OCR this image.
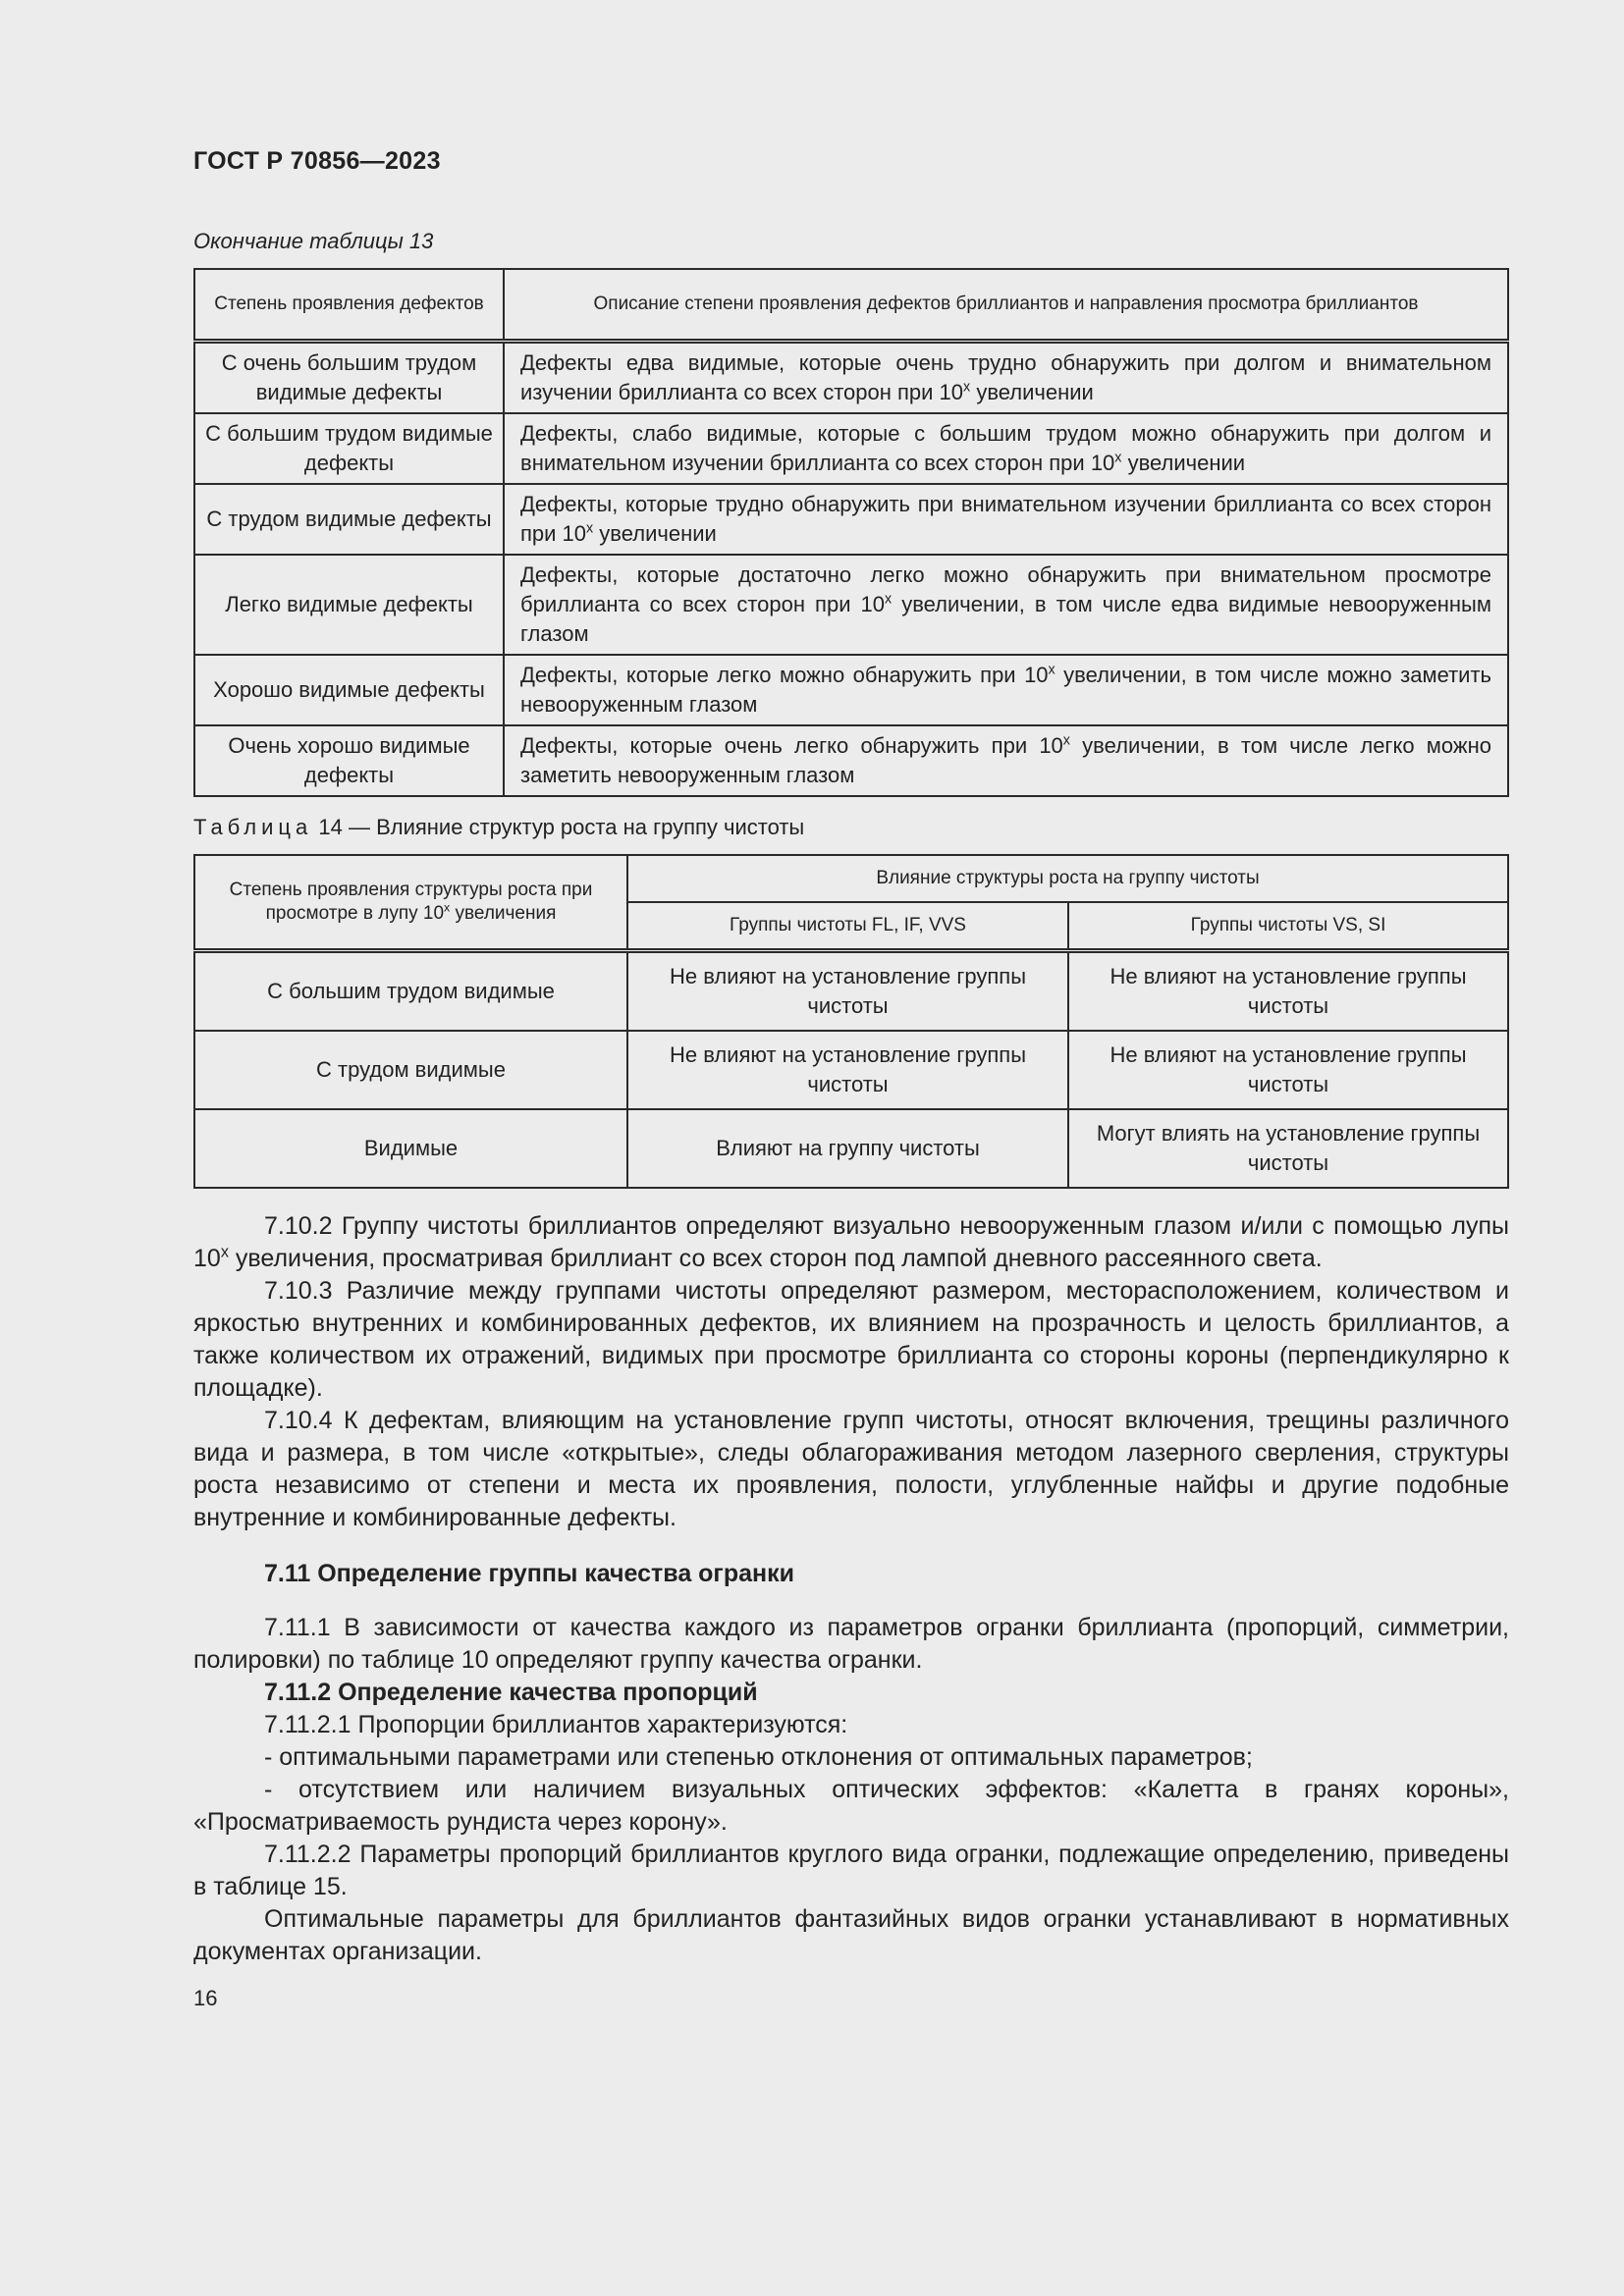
ГОСТ Р 70856—2023
Окончание таблицы 13
Степень проявления дефектов	Описание степени проявления дефектов бриллиантов и направления просмотра бриллиантов
С очень большим трудом видимые дефекты	Дефекты едва видимые, которые очень трудно обнаружить при долгом и внимательном изучении бриллианта со всех сторон при 10$^x$ увеличении
С большим трудом видимые дефекты	Дефекты, слабо видимые, которые с большим трудом можно обнаружить при долгом и внимательном изучении бриллианта со всех сторон при 10$^x$ увеличении
С трудом видимые дефекты	Дефекты, которые трудно обнаружить при внимательном изучении бриллианта со всех сторон при 10$^x$ увеличении
Легко видимые дефекты	Дефекты, которые достаточно легко можно обнаружить при внимательном просмотре бриллианта со всех сторон при 10$^x$ увеличении, в том числе едва видимые невооруженным глазом
Хорошо видимые дефекты	Дефекты, которые легко можно обнаружить при 10$^x$ увеличении, в том числе можно заметить невооруженным глазом
Очень хорошо видимые дефекты	Дефекты, которые очень легко обнаружить при 10$^x$ увеличении, в том числе легко можно заметить невооруженным глазом
Таблица 14 — Влияние структур роста на группу чистоты
Степень проявления структуры роста при просмотре в лупу 10$^x$ увеличения	Влияние структуры роста на группу чистоты	
	Группы чистоты FL, IF, VVS	Группы чистоты VS, SI
С большим трудом видимые	Не влияют на установление группы чистоты	Не влияют на установление группы чистоты
С трудом видимые	Не влияют на установление группы чистоты	Не влияют на установление группы чистоты
Видимые	Влияют на группу чистоты	Могут влиять на установление группы чистоты

7.10.2 Группу чистоты бриллиантов определяют визуально невооруженным глазом и/или с помощью лупы 10$^x$ увеличения, просматривая бриллиант со всех сторон под лампой дневного рассеянного света.

7.10.3 Различие между группами чистоты определяют размером, месторасположением, количеством и яркостью внутренних и комбинированных дефектов, их влиянием на прозрачность и целость бриллиантов, а также количеством их отражений, видимых при просмотре бриллианта со стороны короны (перпендикулярно к площадке).

7.10.4 К дефектам, влияющим на установление групп чистоты, относят включения, трещины различного вида и размера, в том числе «открытые», следы облагораживания методом лазерного сверления, структуры роста независимо от степени и места их проявления, полости, углубленные найфы и другие подобные внутренние и комбинированные дефекты.

7.11 Определение группы качества огранки

7.11.1 В зависимости от качества каждого из параметров огранки бриллианта (пропорций, симметрии, полировки) по таблице 10 определяют группу качества огранки.

7.11.2 Определение качества пропорций

7.11.2.1 Пропорции бриллиантов характеризуются:

- оптимальными параметрами или степенью отклонения от оптимальных параметров;

- отсутствием или наличием визуальных оптических эффектов: «Калетта в гранях короны», «Просматриваемость рундиста через корону».

7.11.2.2 Параметры пропорций бриллиантов круглого вида огранки, подлежащие определению, приведены в таблице 15.

Оптимальные параметры для бриллиантов фантазийных видов огранки устанавливают в нормативных документах организации.

16
